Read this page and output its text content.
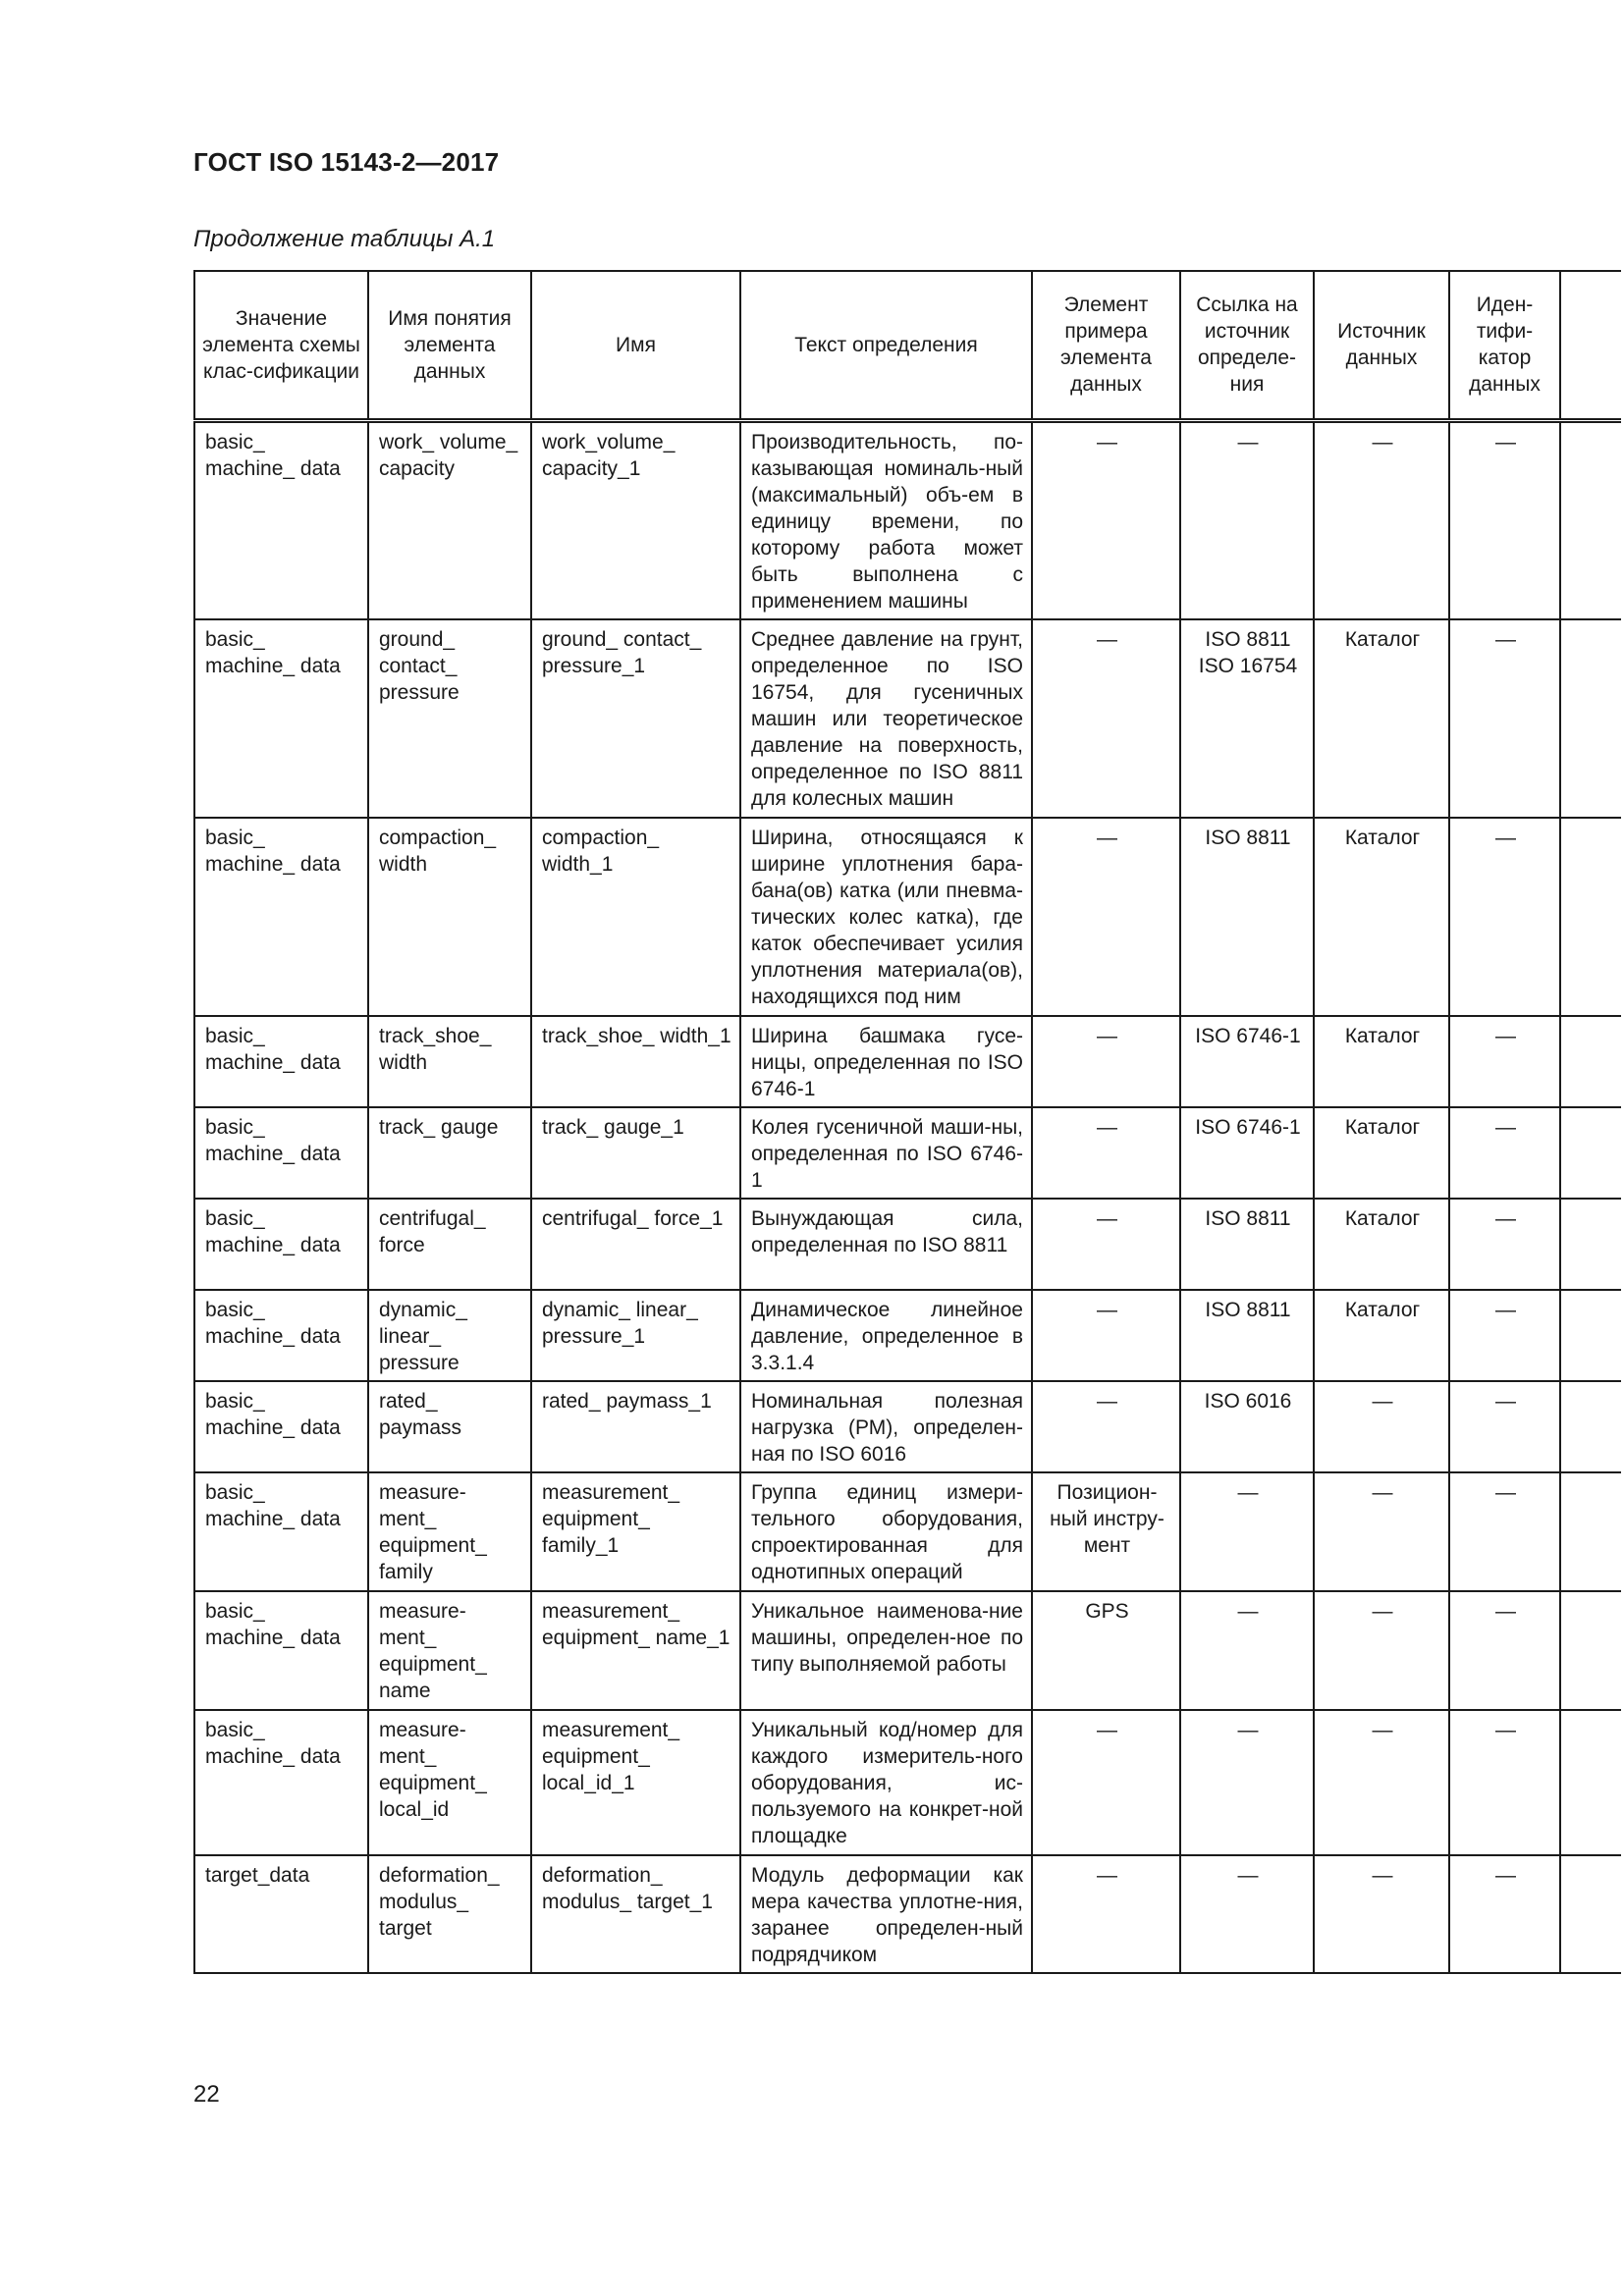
ГОСТ ISO 15143-2—2017
Продолжение таблицы А.1
Значение элемента схемы клас-сификации	Имя понятия элемента данных	Имя	Текст определения	Элемент примера элемента данных	Ссылка на источник определе-ния	Источник данных	Иден-тифи-катор данных	
basic_ machine_ data	work_ volume_ capacity	work_volume_ capacity_1	Производительность, по-казывающая номиналь-ный (максимальный) объ-ем в единицу времени, по которому работа может быть выполнена с применением машины	—	—	—	—	
basic_ machine_ data	ground_ contact_ pressure	ground_ contact_ pressure_1	Среднее давление на грунт, определенное по ISO 16754, для гусеничных машин или теоретическое давление на поверхность, определенное по ISO 8811 для колесных машин	—	ISO 8811 ISO 16754	Каталог	—	
basic_ machine_ data	compaction_ width	compaction_ width_1	Ширина, относящаяся к ширине уплотнения бара-бана(ов) катка (или пневма-тических колес катка), где каток обеспечивает усилия уплотнения материала(ов), находящихся под ним	—	ISO 8811	Каталог	—	
basic_ machine_ data	track_shoe_ width	track_shoe_ width_1	Ширина башмака гусе-ницы, определенная по ISO 6746-1	—	ISO 6746-1	Каталог	—	
basic_ machine_ data	track_ gauge	track_ gauge_1	Колея гусеничной маши-ны, определенная по ISO 6746-1	—	ISO 6746-1	Каталог	—	
basic_ machine_ data	centrifugal_ force	centrifugal_ force_1	Вынуждающая сила, определенная по ISO 8811	—	ISO 8811	Каталог	—	
basic_ machine_ data	dynamic_ linear_ pressure	dynamic_ linear_ pressure_1	Динамическое линейное давление, определенное в 3.3.1.4	—	ISO 8811	Каталог	—	
basic_ machine_ data	rated_ paymass	rated_ paymass_1	Номинальная полезная нагрузка (РМ), определен-ная по ISO 6016	—	ISO 6016	—	—	
basic_ machine_ data	measure-ment_ equipment_ family	measurement_ equipment_ family_1	Группа единиц измери-тельного оборудования, спроектированная для однотипных операций	Позицион-ный инстру-мент	—	—	—	
basic_ machine_ data	measure-ment_ equipment_ name	measurement_ equipment_ name_1	Уникальное наименова-ние машины, определен-ное по типу выполняемой работы	GPS	—	—	—	
basic_ machine_ data	measure-ment_ equipment_ local_id	measurement_ equipment_ local_id_1	Уникальный код/номер для каждого измеритель-ного оборудования, ис-пользуемого на конкрет-ной площадке	—	—	—	—	
target_data	deformation_ modulus_ target	deformation_ modulus_ target_1	Модуль деформации как мера качества уплотне-ния, заранее определен-ный подрядчиком	—	—	—	—	
22
